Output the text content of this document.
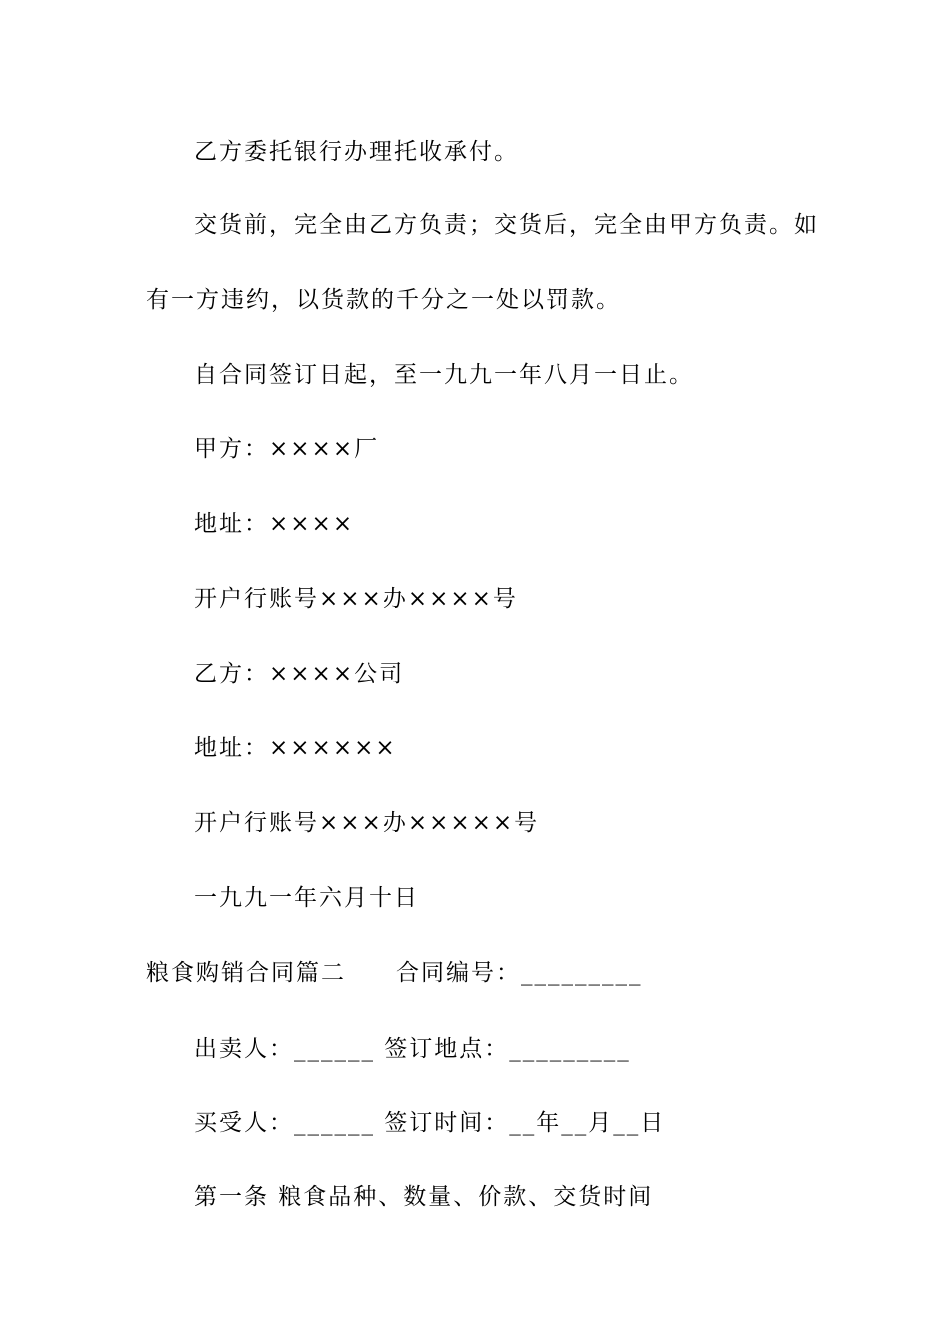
乙方委托银行办理托收承付。
交货前，完全由乙方负责；交货后，完全由甲方负责。如
有一方违约，以货款的千分之一处以罚款。
自合同签订日起，至一九九一年八月一日止。
甲方：××××厂
地址：××××
开户行账号×××办××××号
乙方：××××公司
地址：××××××
开户行账号×××办×××××号
一九九一年六月十日
粮食购销合同篇二　　合同编号：_________
出卖人：______ 签订地点：_________
买受人：______ 签订时间：__年__月__日
第一条 粮食品种、数量、价款、交货时间
